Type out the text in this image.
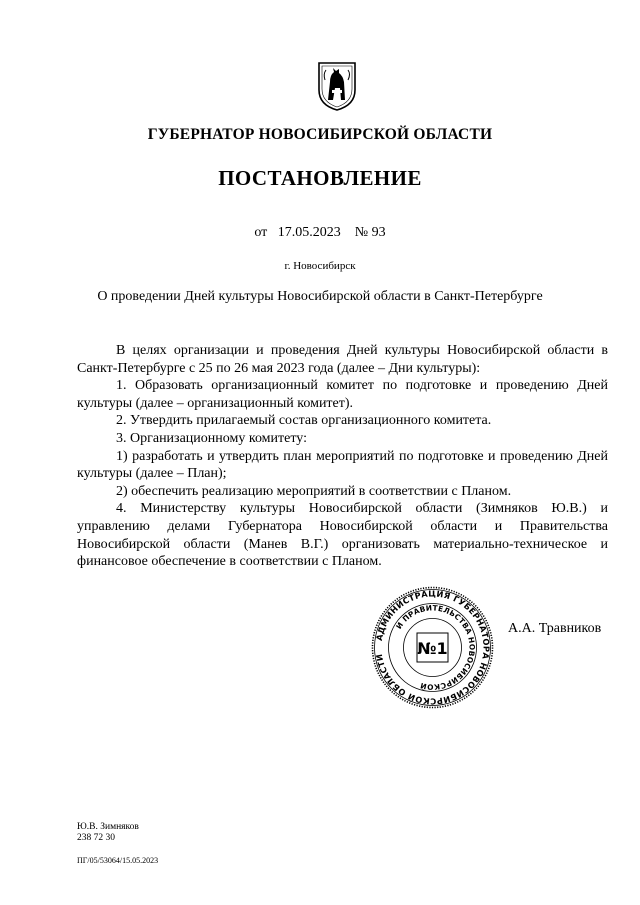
ГУБЕРНАТОР НОВОСИБИРСКОЙ ОБЛАСТИ
ПОСТАНОВЛЕНИЕ
от 17.05.2023 № 93
г. Новосибирск
О проведении Дней культуры Новосибирской области в Санкт-Петербурге

В целях организации и проведения Дней культуры Новосибирской области в Санкт-Петербурге с 25 по 26 мая 2023 года (далее – Дни культуры):

1. Образовать организационный комитет по подготовке и проведению Дней культуры (далее – организационный комитет).

2. Утвердить прилагаемый состав организационного комитета.

3. Организационному комитету:

1) разработать и утвердить план мероприятий по подготовке и проведению Дней культуры (далее – План);

2) обеспечить реализацию мероприятий в соответствии с Планом.

4. Министерству культуры Новосибирской области (Зимняков Ю.В.) и управлению делами Губернатора Новосибирской области и Правительства Новосибирской области (Манев В.Г.) организовать материально-техническое и финансовое обеспечение в соответствии с Планом.

АДМИНИСТРАЦИЯ ГУБЕРНАТОРА НОВОСИБИРСКОЙ ОБЛАСТИ
И ПРАВИТЕЛЬСТВА НОВОСИБИРСКОЙ
№1
А.А. Травников
Ю.В. Зимняков
238 72 30
ПГ/05/53064/15.05.2023
